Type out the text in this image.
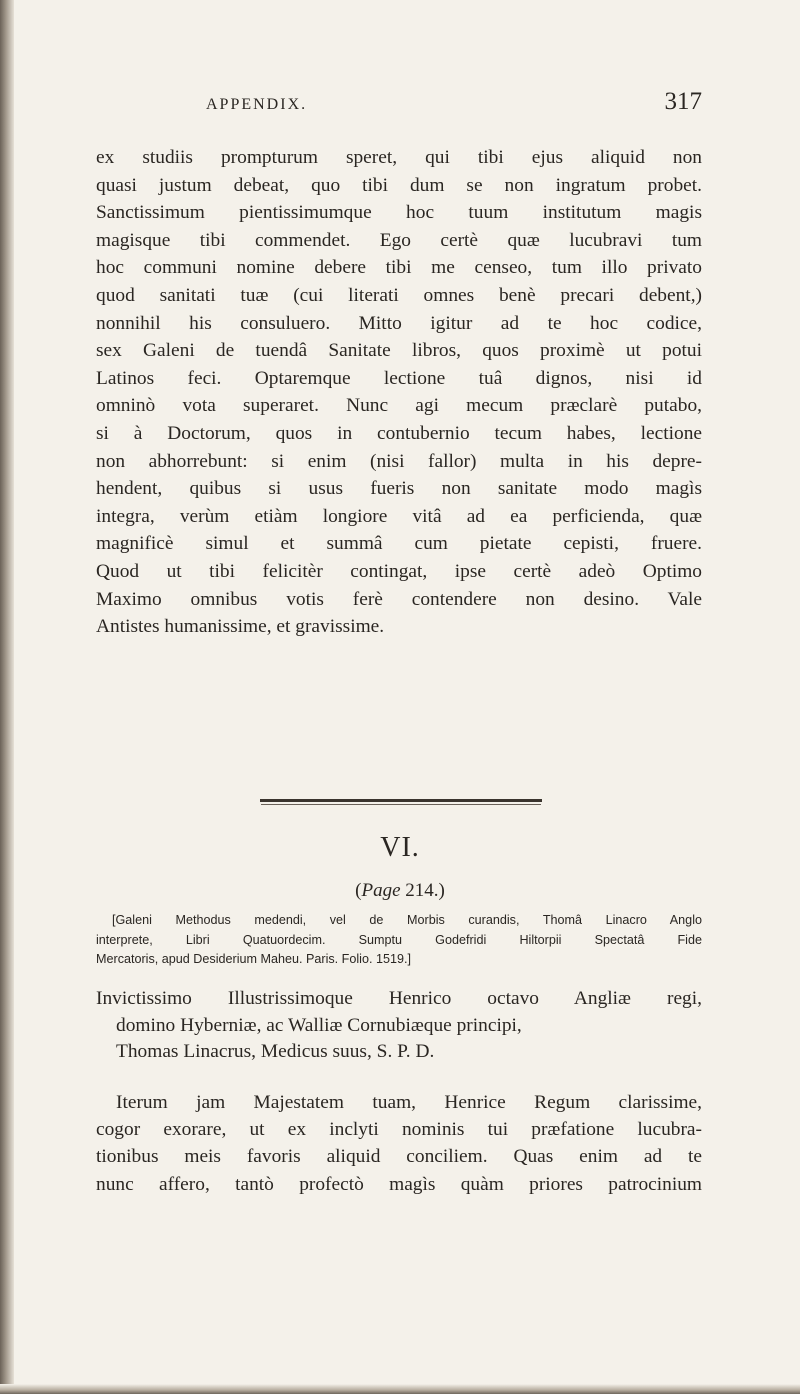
APPENDIX.	317
ex studiis prompturum speret, qui tibi ejus aliquid non
quasi justum debeat, quo tibi dum se non ingratum probet.
Sanctissimum pientissimumque hoc tuum institutum magis
magisque tibi commendet. Ego certè quæ lucubravi tum
hoc communi nomine debere tibi me censeo, tum illo privato
quod sanitati tuæ (cui literati omnes benè precari debent,)
nonnihil his consuluero. Mitto igitur ad te hoc codice,
sex Galeni de tuendâ Sanitate libros, quos proximè ut potui
Latinos feci. Optaremque lectione tuâ dignos, nisi id
omninò vota superaret. Nunc agi mecum præclarè putabo,
si à Doctorum, quos in contubernio tecum habes, lectione
non abhorrebunt: si enim (nisi fallor) multa in his depre-
hendent, quibus si usus fueris non sanitate modo magìs
integra, verùm etiàm longiore vitâ ad ea perficienda, quæ
magnificè simul et summâ cum pietate cepisti, fruere.
Quod ut tibi felicitèr contingat, ipse certè adeò Optimo
Maximo omnibus votis ferè contendere non desino. Vale
Antistes humanissime, et gravissime.
VI.
(Page 214.)
[Galeni Methodus medendi, vel de Morbis curandis, Thomâ Linacro Anglo
interprete, Libri Quatuordecim. Sumptu Godefridi Hiltorpii Spectatâ Fide
Mercatoris, apud Desiderium Maheu. Paris. Folio. 1519.]
Invictissimo Illustrissimoque Henrico octavo Angliæ regi,
domino Hyberniæ, ac Walliæ Cornubiæque principi,
Thomas Linacrus, Medicus suus, S. P. D.
Iterum jam Majestatem tuam, Henrice Regum clarissime,
cogor exorare, ut ex inclyti nominis tui præfatione lucubra-
tionibus meis favoris aliquid conciliem. Quas enim ad te
nunc affero, tantò profectò magìs quàm priores patrocinium
